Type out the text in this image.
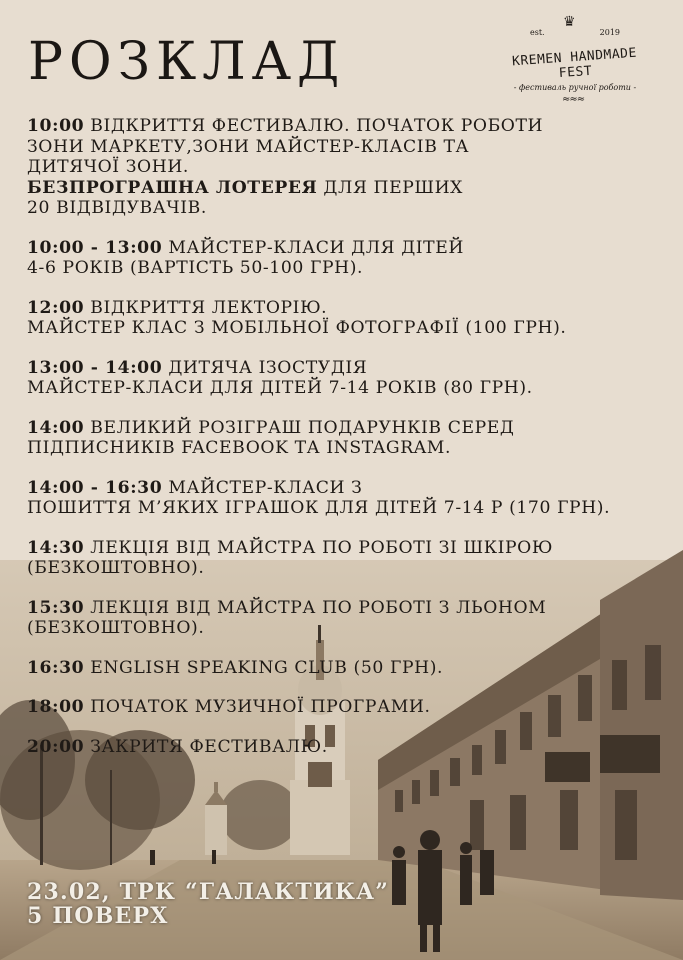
РОЗКЛАД
♛
est.	2019
KREMEN HANDMADE FEST
- фестиваль ручної роботи -
≈≈≈
10:00 ВІДКРИТТЯ ФЕСТИВАЛЮ. ПОЧАТОК РОБОТИ
ЗОНИ МАРКЕТУ,ЗОНИ МАЙСТЕР-КЛАСІВ ТА
ДИТЯЧОЇ ЗОНИ.
БЕЗПРОГРАШНА ЛОТЕРЕЯ ДЛЯ ПЕРШИХ
20 ВІДВІДУВАЧІВ.
10:00 - 13:00 МАЙСТЕР-КЛАСИ ДЛЯ ДІТЕЙ
4-6 РОКІВ (ВАРТІСТЬ 50-100 ГРН).
12:00 ВІДКРИТТЯ ЛЕКТОРІЮ.
МАЙСТЕР КЛАС З МОБІЛЬНОЇ ФОТОГРАФІЇ (100 ГРН).
13:00 - 14:00 ДИТЯЧА ІЗОСТУДІЯ
МАЙСТЕР-КЛАСИ ДЛЯ ДІТЕЙ 7-14 РОКІВ (80 ГРН).
14:00 ВЕЛИКИЙ РОЗІГРАШ ПОДАРУНКІВ СЕРЕД
ПІДПИСНИКІВ FACEBOOK ТА INSTAGRAM.
14:00 - 16:30 МАЙСТЕР-КЛАСИ З
ПОШИТТЯ М’ЯКИХ ІГРАШОК ДЛЯ ДІТЕЙ 7-14 Р (170 ГРН).
14:30 ЛЕКЦІЯ ВІД МАЙСТРА ПО РОБОТІ ЗІ ШКІРОЮ
(БЕЗКОШТОВНО).
15:30 ЛЕКЦІЯ ВІД МАЙСТРА ПО РОБОТІ З ЛЬОНОМ
(БЕЗКОШТОВНО).
16:30 ENGLISH SPEAKING CLUB (50 ГРН).
18:00 ПОЧАТОК МУЗИЧНОЇ ПРОГРАМИ.
20:00 ЗАКРИТЯ ФЕСТИВАЛЮ.
23.02, ТРК “ГАЛАКТИКА”
5 ПОВЕРХ
